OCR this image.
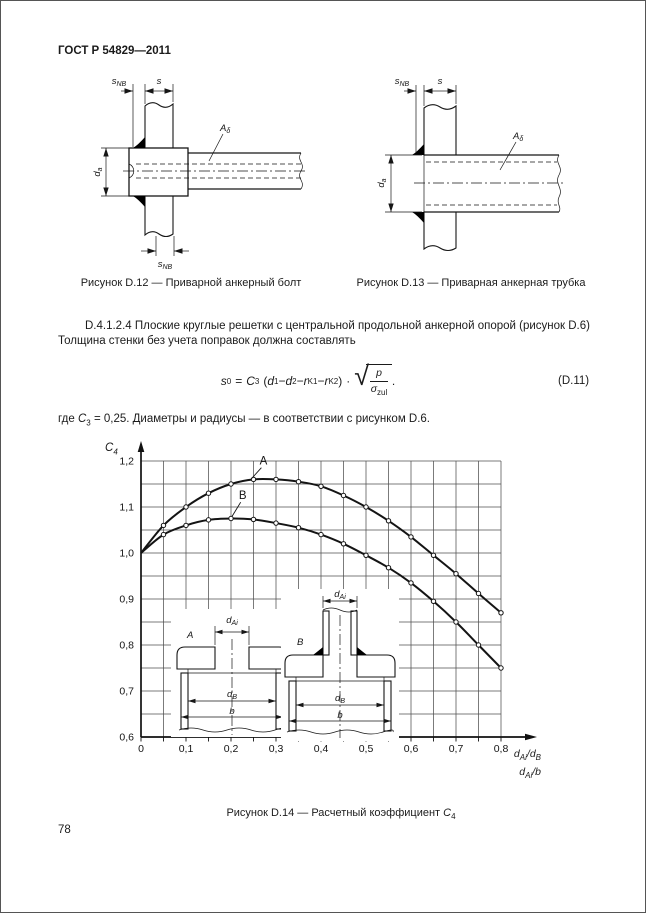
ГОСТ Р 54829—2011
$s_{NB}$	s
$d_a$
$s_{NB}$
$A_\delta$
$s_{NB}$	s
$d_a$
$A_\delta$
Рисунок D.12 — Приварной анкерный болт	Рисунок D.13 — Приварная анкерная трубка
D.4.1.2.4 Плоские круглые решетки с центральной продольной анкерной опорой (рисунок D.6)
Толщина стенки без учета поправок должна составлять
s 0 = C 3 ( d 1 − d 2 − r K1 − r K2 ) · √ $\frac{p}{\sigma_{zul}}$ .	(D.11)
где $C_3 = 0,25$. Диаметры и радиусы — в соответствии с рисунком D.6.
0	0,1	0,2	0,3	0,4	0,5	0,6	0,7	0,8
1,2
1,1
1,0
0,9
0,8
0,7
0,6
A
B
$C_4$
$d_{Ai}/d_B$
$d_{Ai}/b$
$d_{Ai}$
A
$d_B$
b
$d_{Ai}$
B
$d_B$
b
Рисунок D.14 — Расчетный коэффициент $C_4$
78
